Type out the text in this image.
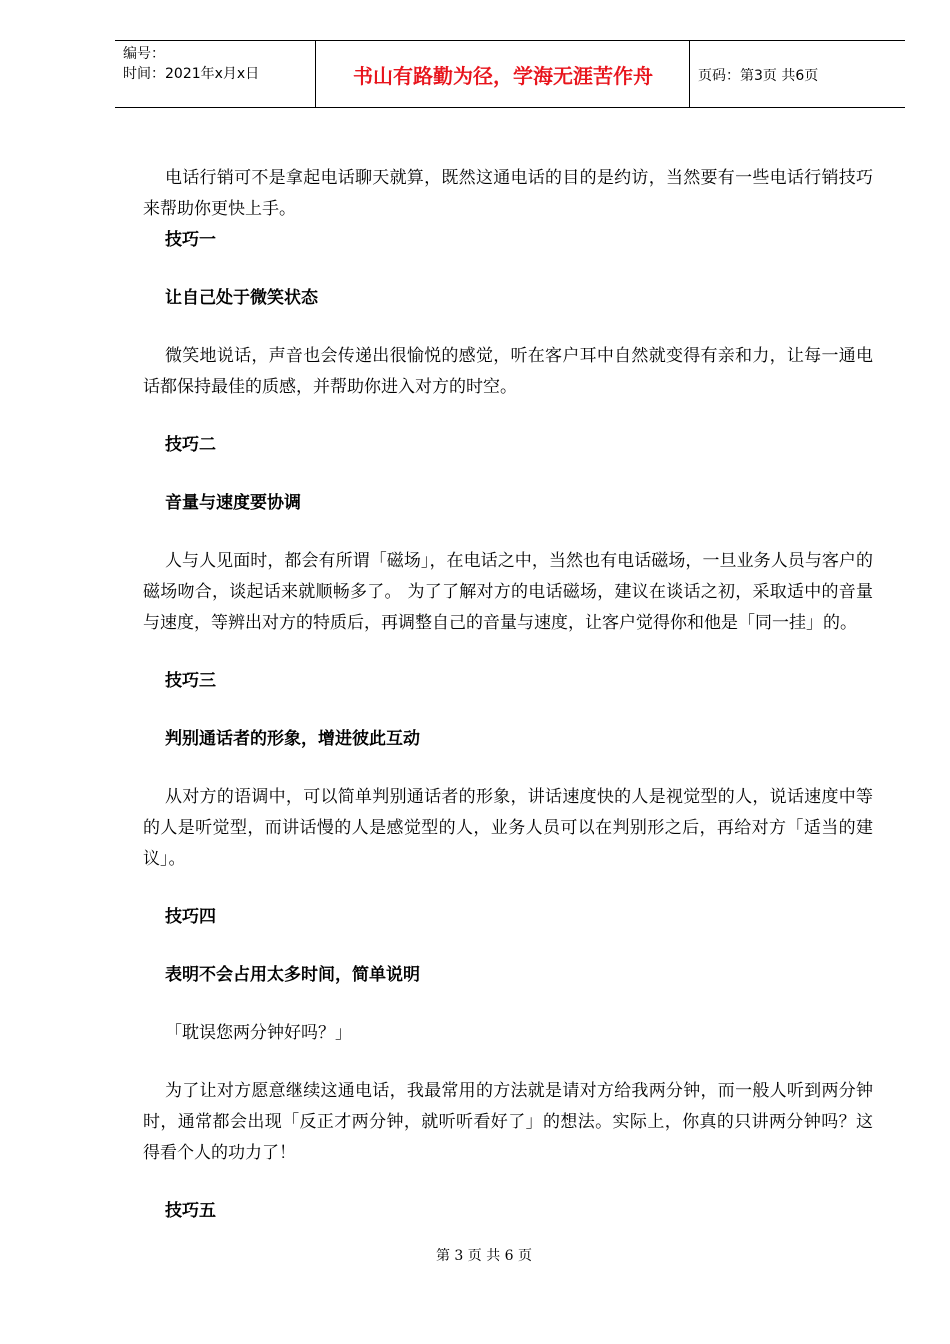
编号：
时间：2021年x月x日	书山有路勤为径，学海无涯苦作舟	页码：第3页 共6页

电话行销可不是拿起电话聊天就算，既然这通电话的目的是约访，当然要有一些电话行销技巧来帮助你更快上手。

技巧一

让自己处于微笑状态

微笑地说话，声音也会传递出很愉悦的感觉，听在客户耳中自然就变得有亲和力，让每一通电话都保持最佳的质感，并帮助你进入对方的时空。

技巧二

音量与速度要协调

人与人见面时，都会有所谓「磁场」，在电话之中，当然也有电话磁场，一旦业务人员与客户的磁场吻合，谈起话来就顺畅多了。 为了了解对方的电话磁场，建议在谈话之初，采取适中的音量与速度，等辨出对方的特质后，再调整自己的音量与速度，让客户觉得你和他是「同一挂」的。

技巧三

判别通话者的形象，增进彼此互动

从对方的语调中，可以简单判别通话者的形象，讲话速度快的人是视觉型的人，说话速度中等的人是听觉型，而讲话慢的人是感觉型的人，业务人员可以在判别形之后，再给对方「适当的建议」。

技巧四

表明不会占用太多时间，简单说明

「耽误您两分钟好吗？」

为了让对方愿意继续这通电话，我最常用的方法就是请对方给我两分钟，而一般人听到两分钟时，通常都会出现「反正才两分钟，就听听看好了」的想法。实际上，你真的只讲两分钟吗？这得看个人的功力了！

技巧五

第 3 页 共 6 页
